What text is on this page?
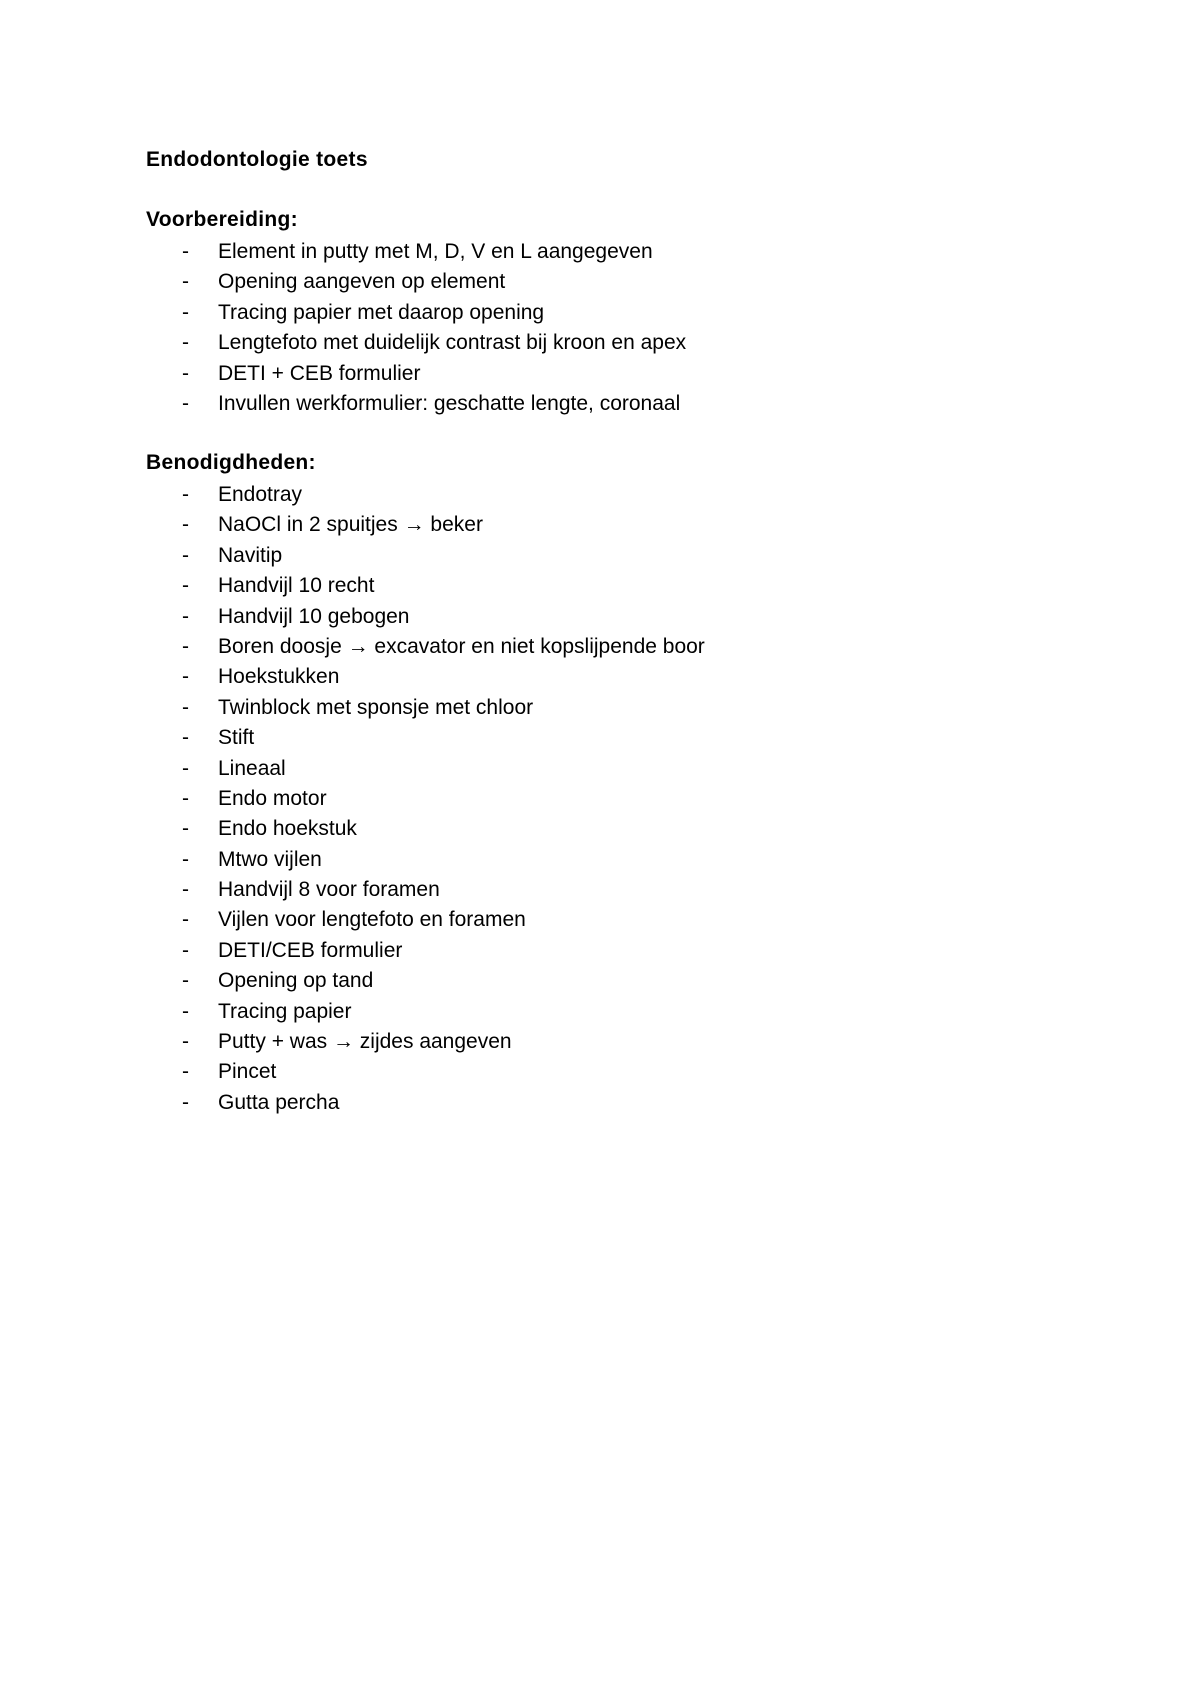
Endodontologie toets
Voorbereiding:
- Element in putty met M, D, V en L aangegeven
- Opening aangeven op element
- Tracing papier met daarop opening
- Lengtefoto met duidelijk contrast bij kroon en apex
- DETI + CEB formulier
- Invullen werkformulier: geschatte lengte, coronaal
Benodigdheden:
- Endotray
- NaOCl in 2 spuitjes → beker
- Navitip
- Handvijl 10 recht
- Handvijl 10 gebogen
- Boren doosje → excavator en niet kopslijpende boor
- Hoekstukken
- Twinblock met sponsje met chloor
- Stift
- Lineaal
- Endo motor
- Endo hoekstuk
- Mtwo vijlen
- Handvijl 8 voor foramen
- Vijlen voor lengtefoto en foramen
- DETI/CEB formulier
- Opening op tand
- Tracing papier
- Putty + was → zijdes aangeven
- Pincet
- Gutta percha
